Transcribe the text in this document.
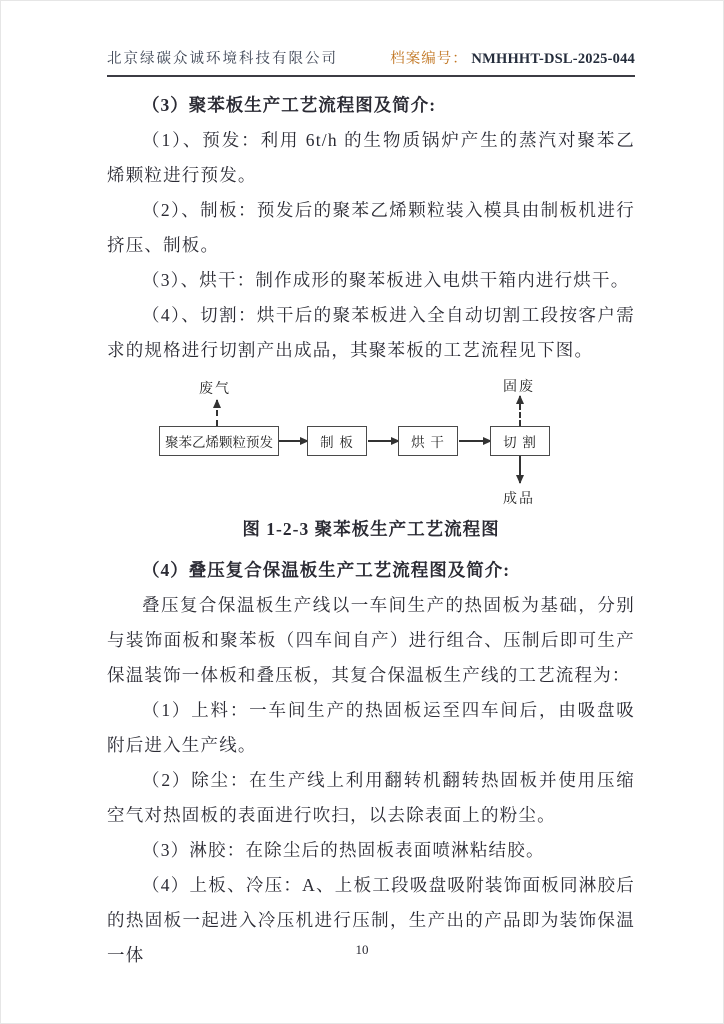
北京绿碳众诚环境科技有限公司	档案编号： NMHHHT-DSL-2025-044
（3）聚苯板生产工艺流程图及简介:

（1）、预发：利用 6t/h 的生物质锅炉产生的蒸汽对聚苯乙烯颗粒进行预发。

（2）、制板：预发后的聚苯乙烯颗粒装入模具由制板机进行挤压、制板。

（3）、烘干：制作成形的聚苯板进入电烘干箱内进行烘干。

（4）、切割：烘干后的聚苯板进入全自动切割工段按客户需求的规格进行切割产出成品，其聚苯板的工艺流程见下图。

废气	固废
成品
聚苯乙烯颗粒预发	制 板	烘 干	切 割
图 1-2-3 聚苯板生产工艺流程图
（4）叠压复合保温板生产工艺流程图及简介:

叠压复合保温板生产线以一车间生产的热固板为基础，分别与装饰面板和聚苯板（四车间自产）进行组合、压制后即可生产保温装饰一体板和叠压板，其复合保温板生产线的工艺流程为：

（1）上料：一车间生产的热固板运至四车间后，由吸盘吸附后进入生产线。

（2）除尘：在生产线上利用翻转机翻转热固板并使用压缩空气对热固板的表面进行吹扫，以去除表面上的粉尘。

（3）淋胶：在除尘后的热固板表面喷淋粘结胶。

（4）上板、冷压：A、上板工段吸盘吸附装饰面板同淋胶后的热固板一起进入冷压机进行压制，生产出的产品即为装饰保温一体	10
